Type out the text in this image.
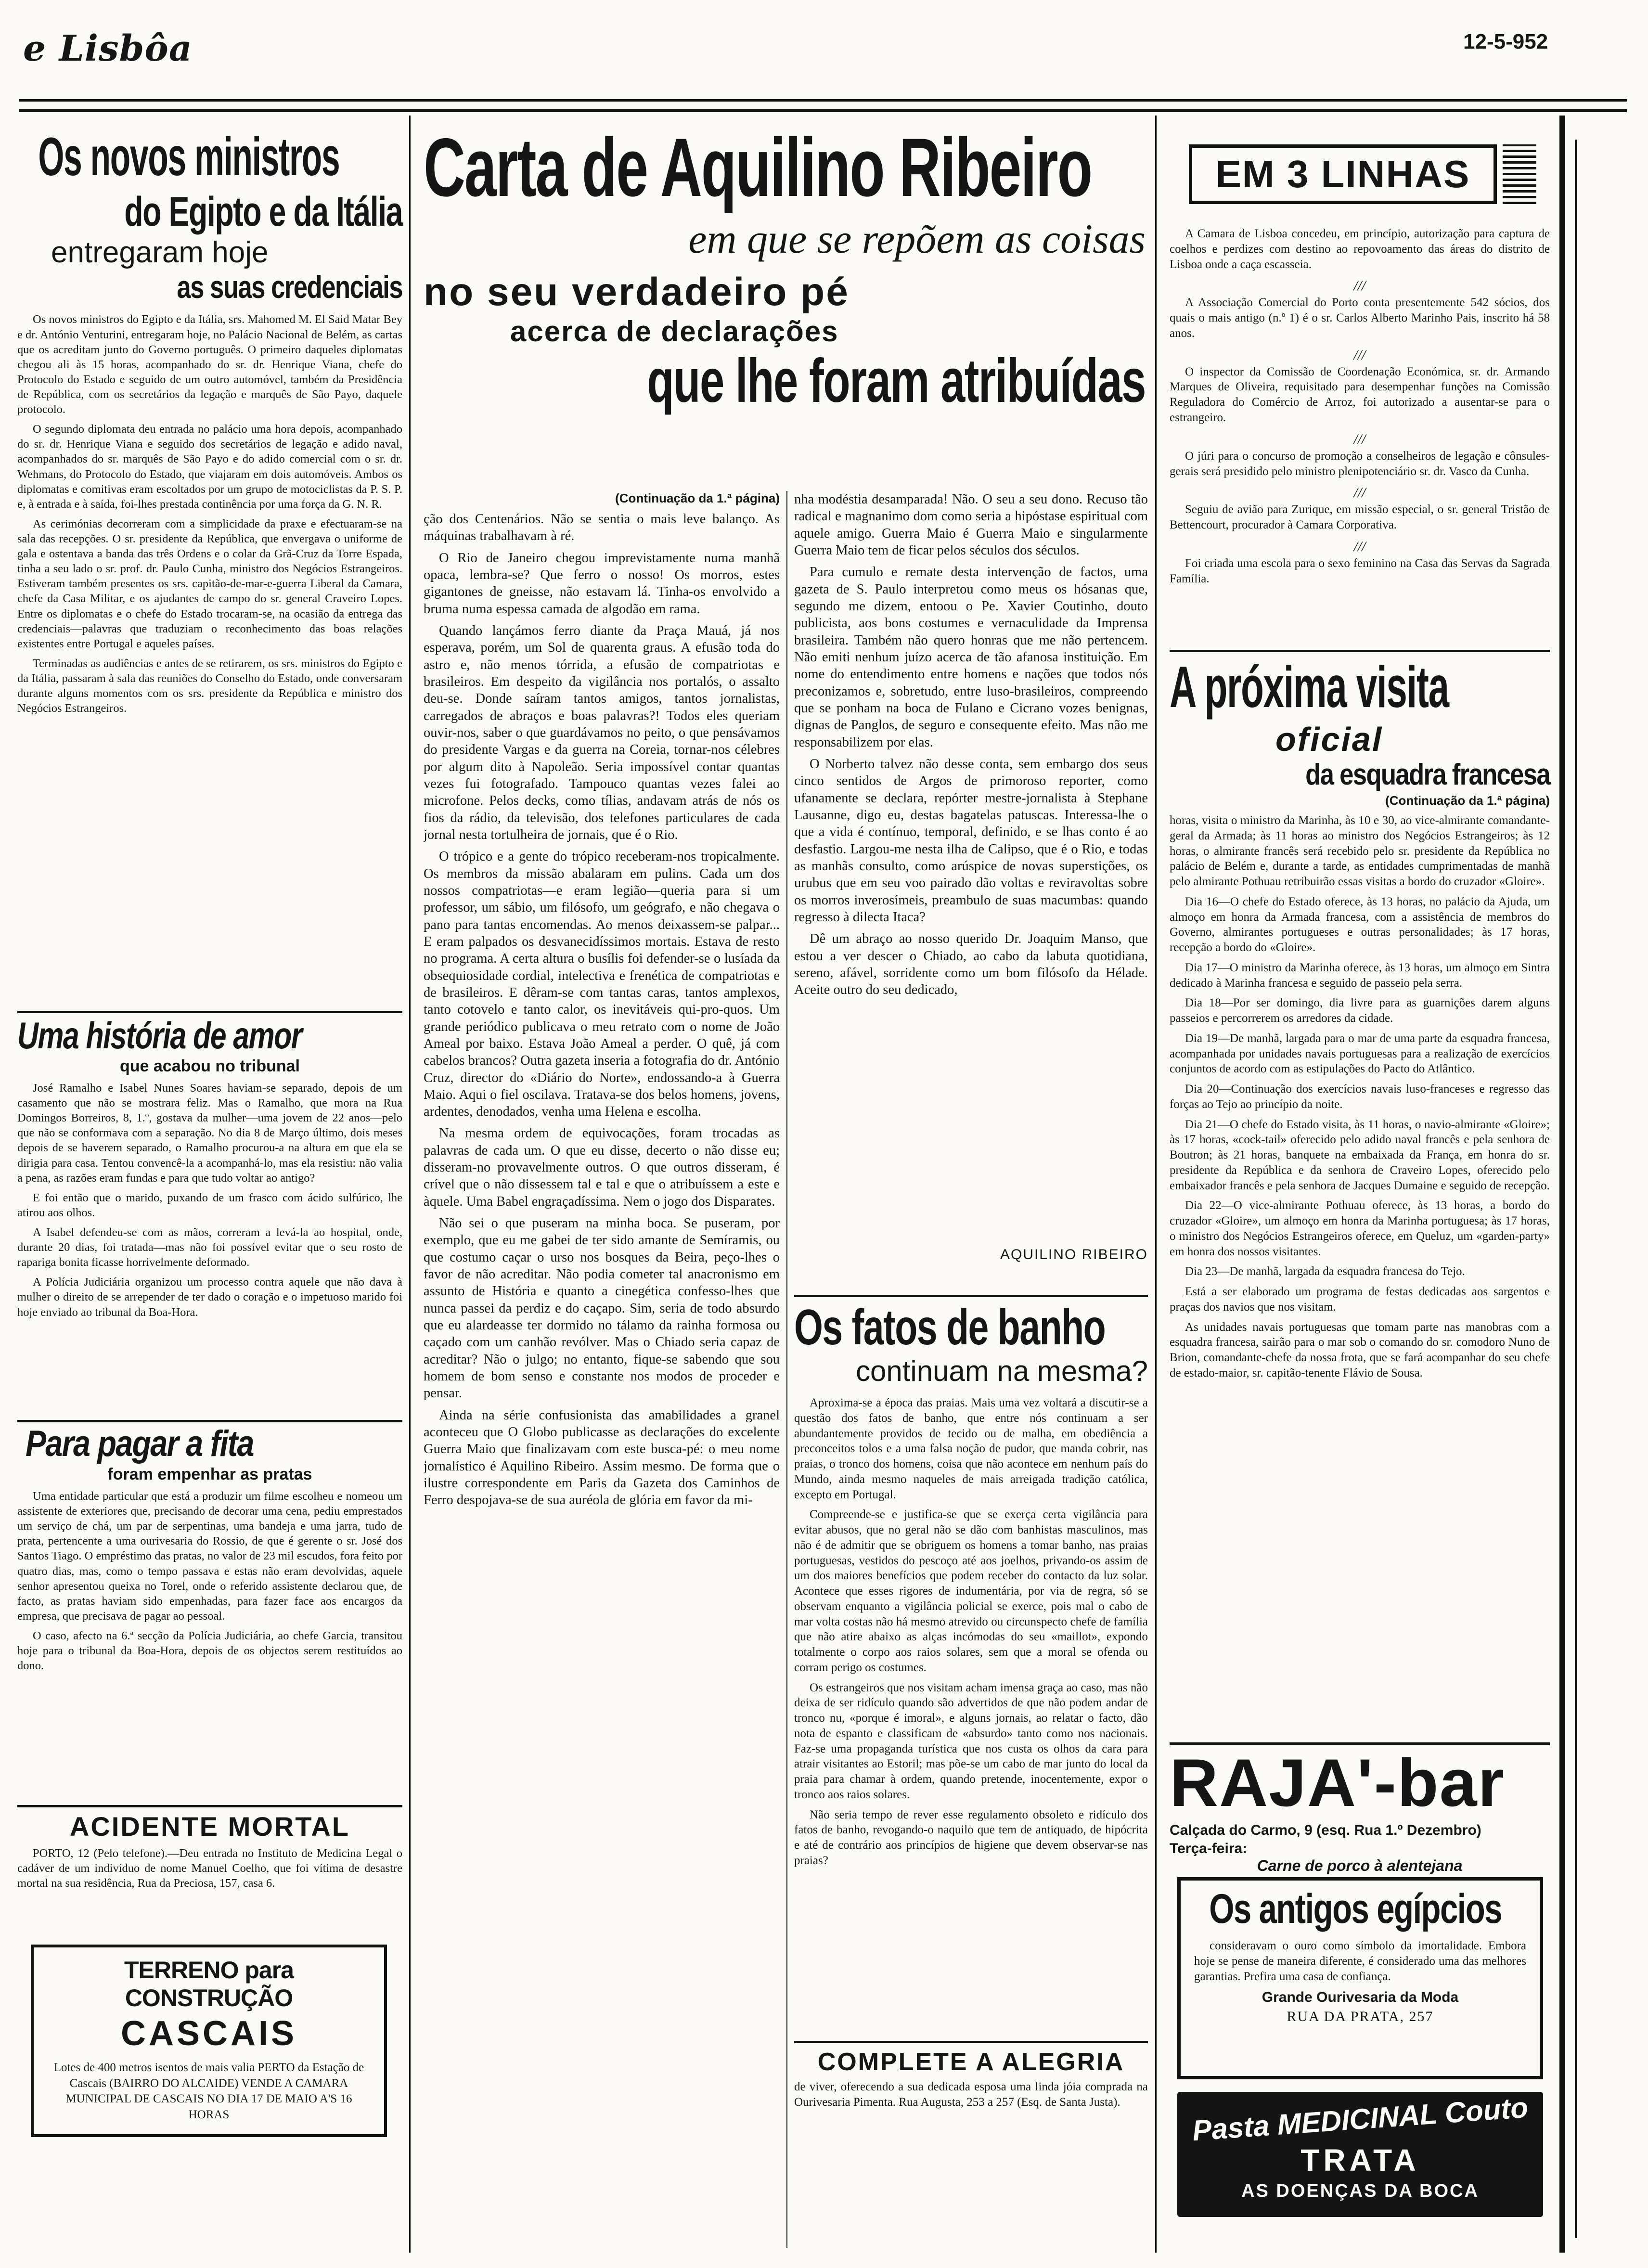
e Lisbôa	12-5-952
Os novos ministros
do Egipto e da Itália
entregaram hoje
as suas credenciais

Os novos ministros do Egipto e da Itália, srs. Mahomed M. El Said Matar Bey e dr. António Venturini, entregaram hoje, no Palácio Nacional de Belém, as cartas que os acreditam junto do Governo português. O primeiro daqueles diplomatas chegou ali às 15 horas, acompanhado do sr. dr. Henrique Viana, chefe do Protocolo do Estado e seguido de um outro automóvel, também da Presidência de República, com os secretários da legação e marquês de São Payo, daquele protocolo.

O segundo diplomata deu entrada no palácio uma hora depois, acompanhado do sr. dr. Henrique Viana e seguido dos secretários de legação e adido naval, acompanhados do sr. marquês de São Payo e do adido comercial com o sr. dr. Wehmans, do Protocolo do Estado, que viajaram em dois automóveis. Ambos os diplomatas e comitivas eram escoltados por um grupo de motociclistas da P. S. P. e, à entrada e à saída, foi-lhes prestada continência por uma força da G. N. R.

As cerimónias decorreram com a simplicidade da praxe e efectuaram-se na sala das recepções. O sr. presidente da República, que envergava o uniforme de gala e ostentava a banda das três Ordens e o colar da Grã-Cruz da Torre Espada, tinha a seu lado o sr. prof. dr. Paulo Cunha, ministro dos Negócios Estrangeiros. Estiveram também presentes os srs. capitão-de-mar-e-guerra Liberal da Camara, chefe da Casa Militar, e os ajudantes de campo do sr. general Craveiro Lopes. Entre os diplomatas e o chefe do Estado trocaram-se, na ocasião da entrega das credenciais—palavras que traduziam o reconhecimento das boas relações existentes entre Portugal e aqueles países.

Terminadas as audiências e antes de se retirarem, os srs. ministros do Egipto e da Itália, passaram à sala das reuniões do Conselho do Estado, onde conversaram durante alguns momentos com os srs. presidente da República e ministro dos Negócios Estrangeiros.

Uma história de amor
que acabou no tribunal

José Ramalho e Isabel Nunes Soares haviam-se separado, depois de um casamento que não se mostrara feliz. Mas o Ramalho, que mora na Rua Domingos Borreiros, 8, 1.º, gostava da mulher—uma jovem de 22 anos—pelo que não se conformava com a separação. No dia 8 de Março último, dois meses depois de se haverem separado, o Ramalho procurou-a na altura em que ela se dirigia para casa. Tentou convencê-la a acompanhá-lo, mas ela resistiu: não valia a pena, as razões eram fundas e para que tudo voltar ao antigo?

E foi então que o marido, puxando de um frasco com ácido sulfúrico, lhe atirou aos olhos.

A Isabel defendeu-se com as mãos, correram a levá-la ao hospital, onde, durante 20 dias, foi tratada—mas não foi possível evitar que o seu rosto de rapariga bonita ficasse horrivelmente deformado.

A Polícia Judiciária organizou um processo contra aquele que não dava à mulher o direito de se arrepender de ter dado o coração e o impetuoso marido foi hoje enviado ao tribunal da Boa-Hora.

Para pagar a fita
foram empenhar as pratas

Uma entidade particular que está a produzir um filme escolheu e nomeou um assistente de exteriores que, precisando de decorar uma cena, pediu emprestados um serviço de chá, um par de serpentinas, uma bandeja e uma jarra, tudo de prata, pertencente a uma ourivesaria do Rossio, de que é gerente o sr. José dos Santos Tiago. O empréstimo das pratas, no valor de 23 mil escudos, fora feito por quatro dias, mas, como o tempo passava e estas não eram devolvidas, aquele senhor apresentou queixa no Torel, onde o referido assistente declarou que, de facto, as pratas haviam sido empenhadas, para fazer face aos encargos da empresa, que precisava de pagar ao pessoal.

O caso, afecto na 6.ª secção da Polícia Judiciária, ao chefe Garcia, transitou hoje para o tribunal da Boa-Hora, depois de os objectos serem restituídos ao dono.

ACIDENTE MORTAL
PORTO, 12 (Pelo telefone).—Deu entrada no Instituto de Medicina Legal o cadáver de um indivíduo de nome Manuel Coelho, que foi vítima de desastre mortal na sua residência, Rua da Preciosa, 157, casa 6.
TERRENO para CONSTRUÇÃO
CASCAIS
Lotes de 400 metros isentos de mais valia PERTO da Estação de Cascais (BAIRRO DO ALCAIDE) VENDE A CAMARA MUNICIPAL DE CASCAIS NO DIA 17 DE MAIO A'S 16 HORAS
Carta de Aquilino Ribeiro
em que se repõem as coisas
no seu verdadeiro pé
acerca de declarações
que lhe foram atribuídas
(Continuação da 1.ª página)

ção dos Centenários. Não se sentia o mais leve balanço. As máquinas trabalhavam à ré.

O Rio de Janeiro chegou imprevistamente numa manhã opaca, lembra-se? Que ferro o nosso! Os morros, estes gigantones de gneisse, não estavam lá. Tinha-os envolvido a bruma numa espessa camada de algodão em rama.

Quando lançámos ferro diante da Praça Mauá, já nos esperava, porém, um Sol de quarenta graus. A efusão toda do astro e, não menos tórrida, a efusão de compatriotas e brasileiros. Em despeito da vigilância nos portalós, o assalto deu-se. Donde saíram tantos amigos, tantos jornalistas, carregados de abraços e boas palavras?! Todos eles queriam ouvir-nos, saber o que guardávamos no peito, o que pensávamos do presidente Vargas e da guerra na Coreia, tornar-nos célebres por algum dito à Napoleão. Seria impossível contar quantas vezes fui fotografado. Tampouco quantas vezes falei ao microfone. Pelos decks, como tílias, andavam atrás de nós os fios da rádio, da televisão, dos telefones particulares de cada jornal nesta tortulheira de jornais, que é o Rio.

O trópico e a gente do trópico receberam-nos tropicalmente. Os membros da missão abalaram em pulins. Cada um dos nossos compatriotas—e eram legião—queria para si um professor, um sábio, um filósofo, um geógrafo, e não chegava o pano para tantas encomendas. Ao menos deixassem-se palpar... E eram palpados os desvanecidíssimos mortais. Estava de resto no programa. A certa altura o busílis foi defender-se o lusíada da obsequiosidade cordial, intelectiva e frenética de compatriotas e de brasileiros. E dêram-se com tantas caras, tantos amplexos, tanto cotovelo e tanto calor, os inevitáveis qui-pro-quos. Um grande periódico publicava o meu retrato com o nome de João Ameal por baixo. Estava João Ameal a perder. O quê, já com cabelos brancos? Outra gazeta inseria a fotografia do dr. António Cruz, director do «Diário do Norte», endossando-a à Guerra Maio. Aqui o fiel oscilava. Tratava-se dos belos homens, jovens, ardentes, denodados, venha uma Helena e escolha.

Na mesma ordem de equivocações, foram trocadas as palavras de cada um. O que eu disse, decerto o não disse eu; disseram-no provavelmente outros. O que outros disseram, é crível que o não dissessem tal e tal e que o atribuíssem a este e àquele. Uma Babel engraçadíssima. Nem o jogo dos Disparates.

Não sei o que puseram na minha boca. Se puseram, por exemplo, que eu me gabei de ter sido amante de Semíramis, ou que costumo caçar o urso nos bosques da Beira, peço-lhes o favor de não acreditar. Não podia cometer tal anacronismo em assunto de História e quanto a cinegética confesso-lhes que nunca passei da perdiz e do caçapo. Sim, seria de todo absurdo que eu alardeasse ter dormido no tálamo da rainha formosa ou caçado com um canhão revólver. Mas o Chiado seria capaz de acreditar? Não o julgo; no entanto, fique-se sabendo que sou homem de bom senso e constante nos modos de proceder e pensar.

Ainda na série confusionista das amabilidades a granel aconteceu que O Globo publicasse as declarações do excelente Guerra Maio que finalizavam com este busca-pé: o meu nome jornalístico é Aquilino Ribeiro. Assim mesmo. De forma que o ilustre correspondente em Paris da Gazeta dos Caminhos de Ferro despojava-se de sua auréola de glória em favor da mi-

nha modéstia desamparada! Não. O seu a seu dono. Recuso tão radical e magnanimo dom como seria a hipóstase espiritual com aquele amigo. Guerra Maio é Guerra Maio e singularmente Guerra Maio tem de ficar pelos séculos dos séculos.

Para cumulo e remate desta intervenção de factos, uma gazeta de S. Paulo interpretou como meus os hósanas que, segundo me dizem, entoou o Pe. Xavier Coutinho, douto publicista, aos bons costumes e vernaculidade da Imprensa brasileira. Também não quero honras que me não pertencem. Não emiti nenhum juízo acerca de tão afanosa instituição. Em nome do entendimento entre homens e nações que todos nós preconizamos e, sobretudo, entre luso-brasileiros, compreendo que se ponham na boca de Fulano e Cicrano vozes benignas, dignas de Panglos, de seguro e consequente efeito. Mas não me responsabilizem por elas.

O Norberto talvez não desse conta, sem embargo dos seus cinco sentidos de Argos de primoroso reporter, como ufanamente se declara, repórter mestre-jornalista à Stephane Lausanne, digo eu, destas bagatelas patuscas. Interessa-lhe o que a vida é contínuo, temporal, definido, e se lhas conto é ao desfastio. Largou-me nesta ilha de Calipso, que é o Rio, e todas as manhãs consulto, como arúspice de novas superstições, os urubus que em seu voo pairado dão voltas e reviravoltas sobre os morros inverosímeis, preambulo de suas macumbas: quando regresso à dilecta Itaca?

Dê um abraço ao nosso querido Dr. Joaquim Manso, que estou a ver descer o Chiado, ao cabo da labuta quotidiana, sereno, afável, sorridente como um bom filósofo da Hélade. Aceite outro do seu dedicado,

AQUILINO RIBEIRO
Os fatos de banho
continuam na mesma?

Aproxima-se a época das praias. Mais uma vez voltará a discutir-se a questão dos fatos de banho, que entre nós continuam a ser abundantemente providos de tecido ou de malha, em obediência a preconceitos tolos e a uma falsa noção de pudor, que manda cobrir, nas praias, o tronco dos homens, coisa que não acontece em nenhum país do Mundo, ainda mesmo naqueles de mais arreigada tradição católica, excepto em Portugal.

Compreende-se e justifica-se que se exerça certa vigilância para evitar abusos, que no geral não se dão com banhistas masculinos, mas não é de admitir que se obriguem os homens a tomar banho, nas praias portuguesas, vestidos do pescoço até aos joelhos, privando-os assim de um dos maiores benefícios que podem receber do contacto da luz solar. Acontece que esses rigores de indumentária, por via de regra, só se observam enquanto a vigilância policial se exerce, pois mal o cabo de mar volta costas não há mesmo atrevido ou circunspecto chefe de família que não atire abaixo as alças incómodas do seu «maillot», expondo totalmente o corpo aos raios solares, sem que a moral se ofenda ou corram perigo os costumes.

Os estrangeiros que nos visitam acham imensa graça ao caso, mas não deixa de ser ridículo quando são advertidos de que não podem andar de tronco nu, «porque é imoral», e alguns jornais, ao relatar o facto, dão nota de espanto e classificam de «absurdo» tanto como nos nacionais. Faz-se uma propaganda turística que nos custa os olhos da cara para atrair visitantes ao Estoril; mas põe-se um cabo de mar junto do local da praia para chamar à ordem, quando pretende, inocentemente, expor o tronco aos raios solares.

Não seria tempo de rever esse regulamento obsoleto e ridículo dos fatos de banho, revogando-o naquilo que tem de antiquado, de hipócrita e até de contrário aos princípios de higiene que devem observar-se nas praias?

COMPLETE A ALEGRIA
de viver, oferecendo a sua dedicada esposa uma linda jóia comprada na Ourivesaria Pimenta. Rua Augusta, 253 a 257 (Esq. de Santa Justa).
EM 3 LINHAS

A Camara de Lisboa concedeu, em princípio, autorização para captura de coelhos e perdizes com destino ao repovoamento das áreas do distrito de Lisboa onde a caça escasseia.

///

A Associação Comercial do Porto conta presentemente 542 sócios, dos quais o mais antigo (n.º 1) é o sr. Carlos Alberto Marinho Pais, inscrito há 58 anos.

///

O inspector da Comissão de Coordenação Económica, sr. dr. Armando Marques de Oliveira, requisitado para desempenhar funções na Comissão Reguladora do Comércio de Arroz, foi autorizado a ausentar-se para o estrangeiro.

///

O júri para o concurso de promoção a conselheiros de legação e cônsules-gerais será presidido pelo ministro plenipotenciário sr. dr. Vasco da Cunha.

///

Seguiu de avião para Zurique, em missão especial, o sr. general Tristão de Bettencourt, procurador à Camara Corporativa.

///

Foi criada uma escola para o sexo feminino na Casa das Servas da Sagrada Família.

A próxima visita
oficial
da esquadra francesa
(Continuação da 1.ª página)

horas, visita o ministro da Marinha, às 10 e 30, ao vice-almirante comandante-geral da Armada; às 11 horas ao ministro dos Negócios Estrangeiros; às 12 horas, o almirante francês será recebido pelo sr. presidente da República no palácio de Belém e, durante a tarde, as entidades cumprimentadas de manhã pelo almirante Pothuau retribuirão essas visitas a bordo do cruzador «Gloire».

Dia 16—O chefe do Estado oferece, às 13 horas, no palácio da Ajuda, um almoço em honra da Armada francesa, com a assistência de membros do Governo, almirantes portugueses e outras personalidades; às 17 horas, recepção a bordo do «Gloire».

Dia 17—O ministro da Marinha oferece, às 13 horas, um almoço em Sintra dedicado à Marinha francesa e seguido de passeio pela serra.

Dia 18—Por ser domingo, dia livre para as guarnições darem alguns passeios e percorrerem os arredores da cidade.

Dia 19—De manhã, largada para o mar de uma parte da esquadra francesa, acompanhada por unidades navais portuguesas para a realização de exercícios conjuntos de acordo com as estipulações do Pacto do Atlântico.

Dia 20—Continuação dos exercícios navais luso-franceses e regresso das forças ao Tejo ao princípio da noite.

Dia 21—O chefe do Estado visita, às 11 horas, o navio-almirante «Gloire»; às 17 horas, «cock-tail» oferecido pelo adido naval francês e pela senhora de Boutron; às 21 horas, banquete na embaixada da França, em honra do sr. presidente da República e da senhora de Craveiro Lopes, oferecido pelo embaixador francês e pela senhora de Jacques Dumaine e seguido de recepção.

Dia 22—O vice-almirante Pothuau oferece, às 13 horas, a bordo do cruzador «Gloire», um almoço em honra da Marinha portuguesa; às 17 horas, o ministro dos Negócios Estrangeiros oferece, em Queluz, um «garden-party» em honra dos nossos visitantes.

Dia 23—De manhã, largada da esquadra francesa do Tejo.

Está a ser elaborado um programa de festas dedicadas aos sargentos e praças dos navios que nos visitam.

As unidades navais portuguesas que tomam parte nas manobras com a esquadra francesa, sairão para o mar sob o comando do sr. comodoro Nuno de Brion, comandante-chefe da nossa frota, que se fará acompanhar do seu chefe de estado-maior, sr. capitão-tenente Flávio de Sousa.

RAJA'-bar
Calçada do Carmo, 9 (esq. Rua 1.º Dezembro)
Terça-feira:
Carne de porco à alentejana
Os antigos egípcios
consideravam o ouro como símbolo da imortalidade. Embora hoje se pense de maneira diferente, é considerado uma das melhores garantias. Prefira uma casa de confiança.
Grande Ourivesaria da Moda
RUA DA PRATA, 257
Pasta MEDICINAL Couto
TRATA
AS DOENÇAS DA BOCA
